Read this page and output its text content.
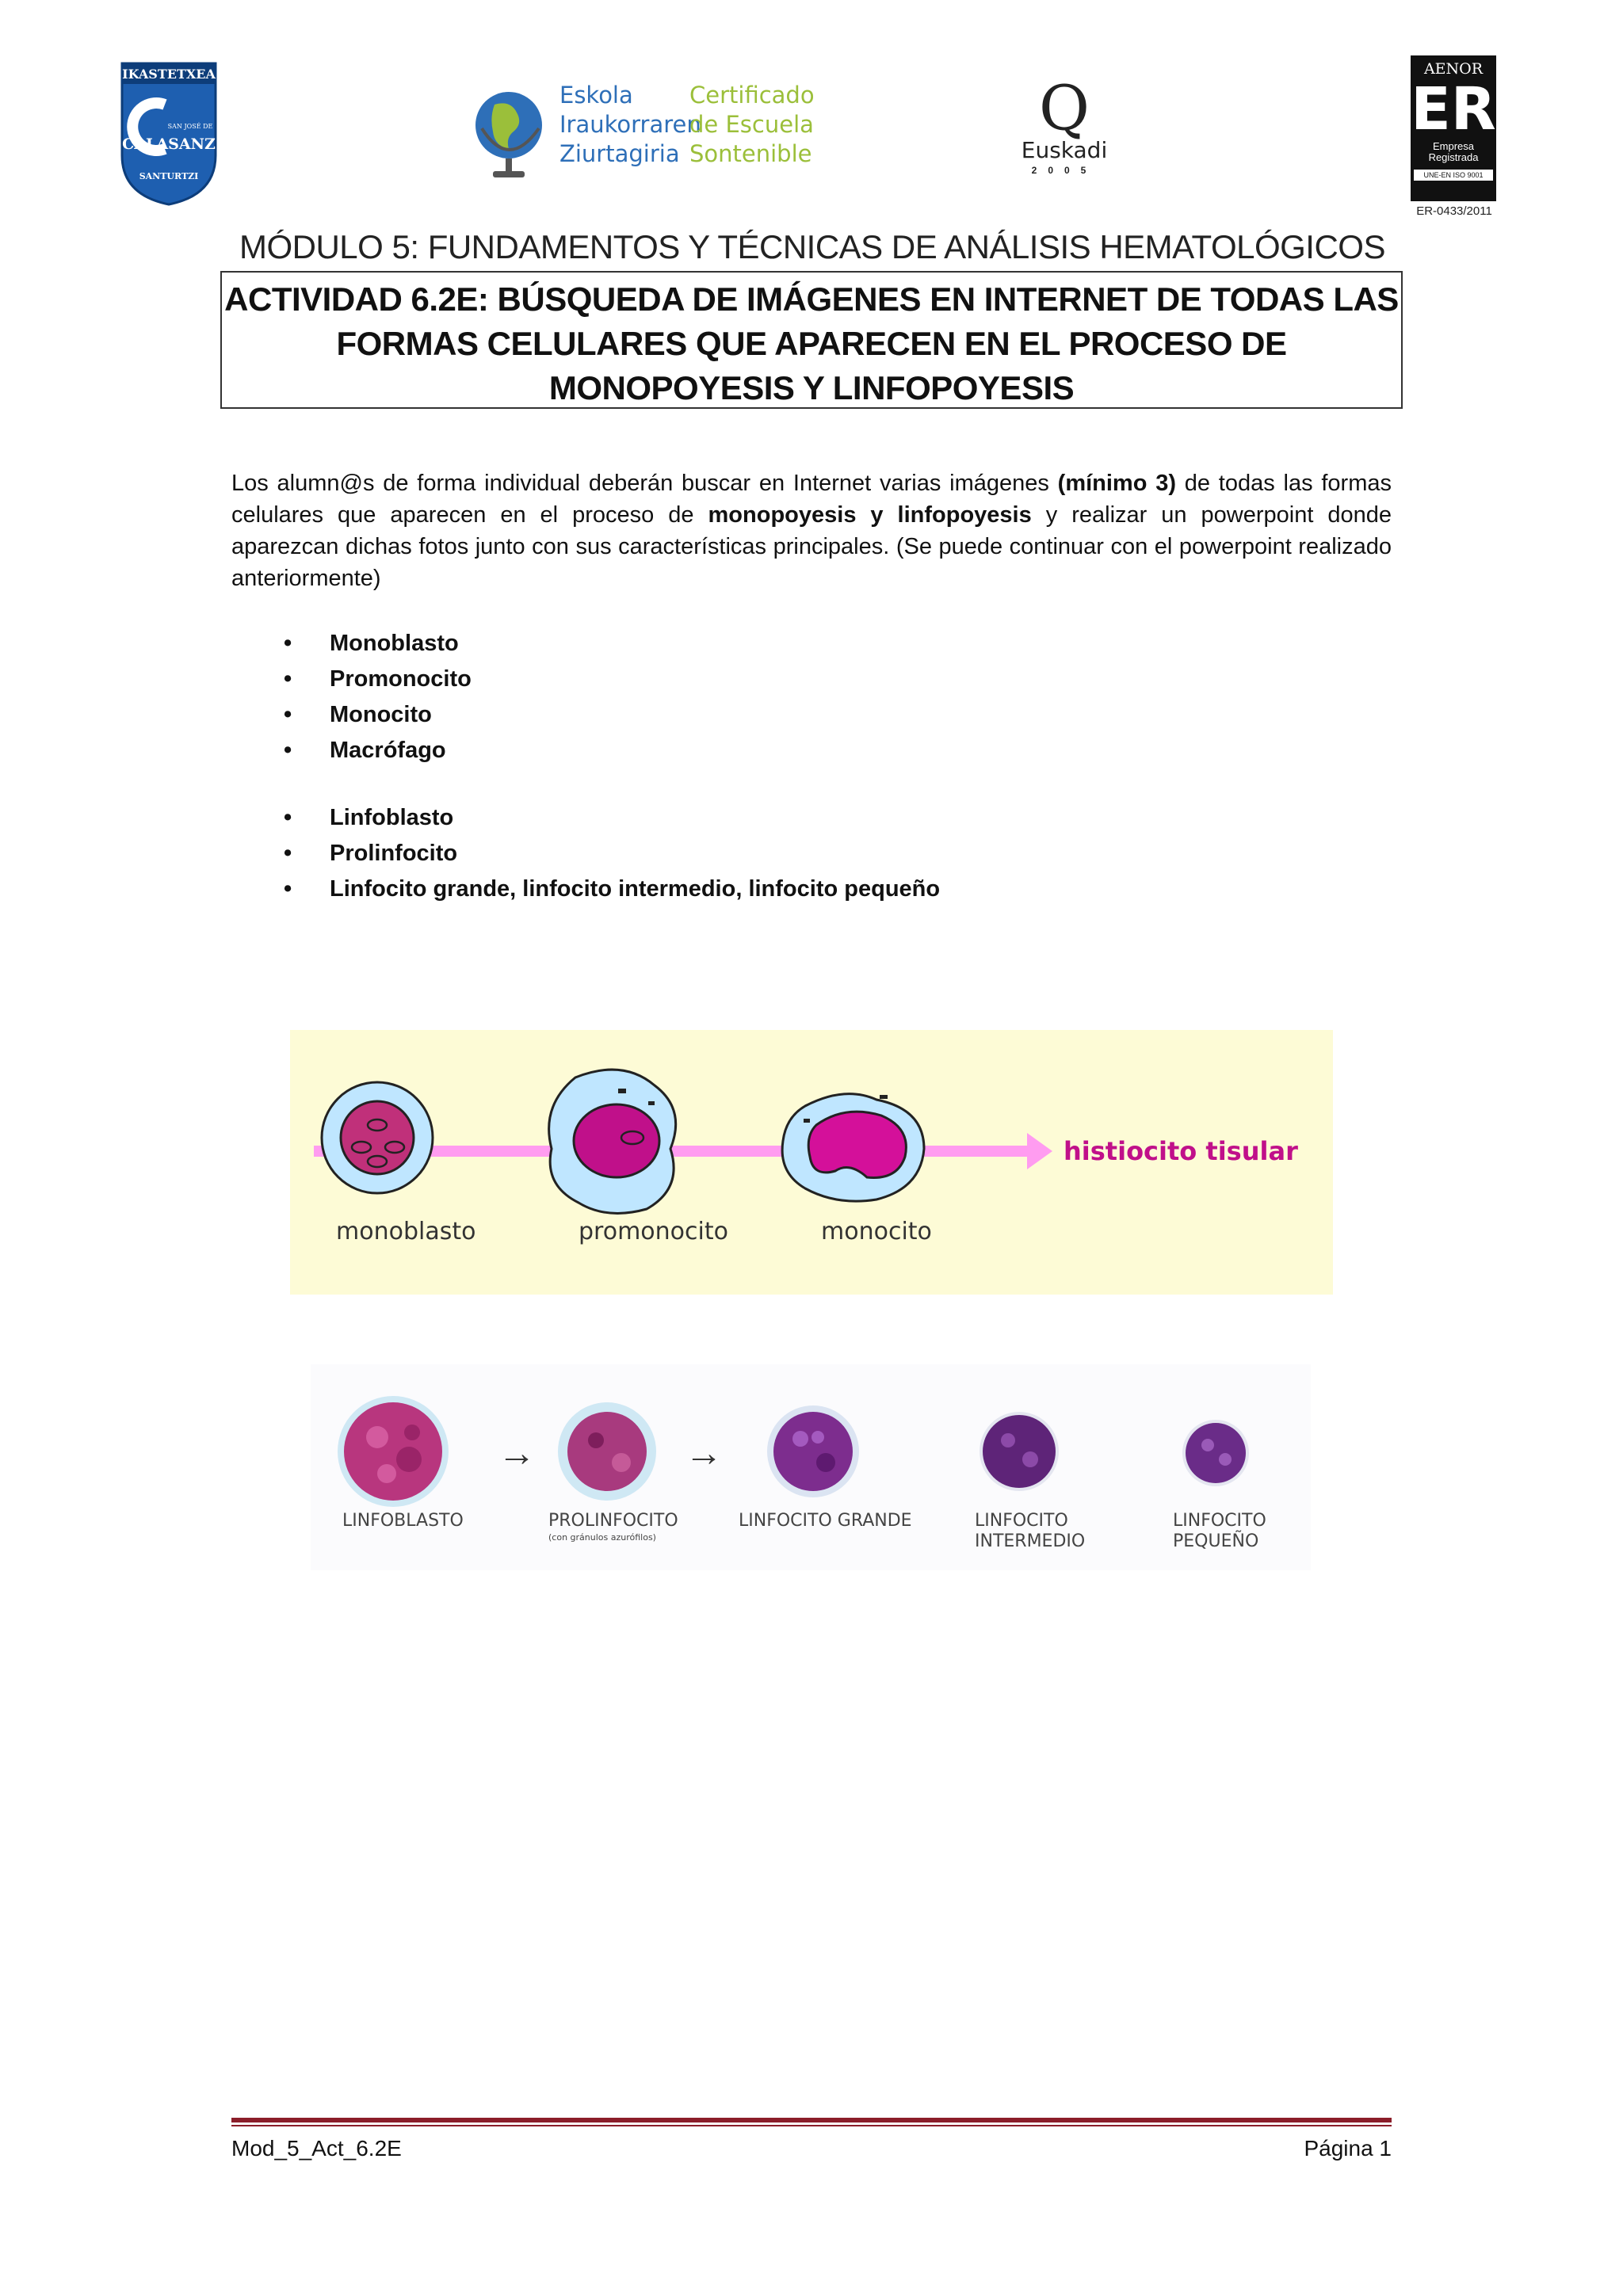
IKASTETXEA
SAN JOSÉ DE
CALASANZ
SANTURTZI
Eskola
Iraukorraren
Ziurtagiria
Certificado
de Escuela
Sontenible
Q
Euskadi
2005
AENOR
ER
Empresa
Registrada
UNE-EN ISO 9001
ER-0433/2011
MÓDULO 5: FUNDAMENTOS Y TÉCNICAS DE ANÁLISIS HEMATOLÓGICOS
ACTIVIDAD 6.2E: BÚSQUEDA DE IMÁGENES EN INTERNET DE TODAS LAS FORMAS CELULARES QUE APARECEN EN EL PROCESO DE MONOPOYESIS Y LINFOPOYESIS
Los alumn@s de forma individual deberán buscar en Internet varias imágenes (mínimo 3) de todas las formas celulares que aparecen en el proceso de monopoyesis y linfopoyesis y realizar un powerpoint donde aparezcan dichas fotos junto con sus características principales. (Se puede continuar con el powerpoint realizado anteriormente)
• Monoblasto
• Promonocito
• Monocito
• Macrófago
• Linfoblasto
• Prolinfocito
• Linfocito grande, linfocito intermedio, linfocito pequeño
histiocito tisular
monoblasto	promonocito	monocito
→	→
LINFOBLASTO	PROLINFOCITO
(con gránulos azurófilos)
LINFOCITO GRANDE	LINFOCITO
INTERMEDIO
LINFOCITO
PEQUEÑO
Mod_5_Act_6.2E	Página 1
